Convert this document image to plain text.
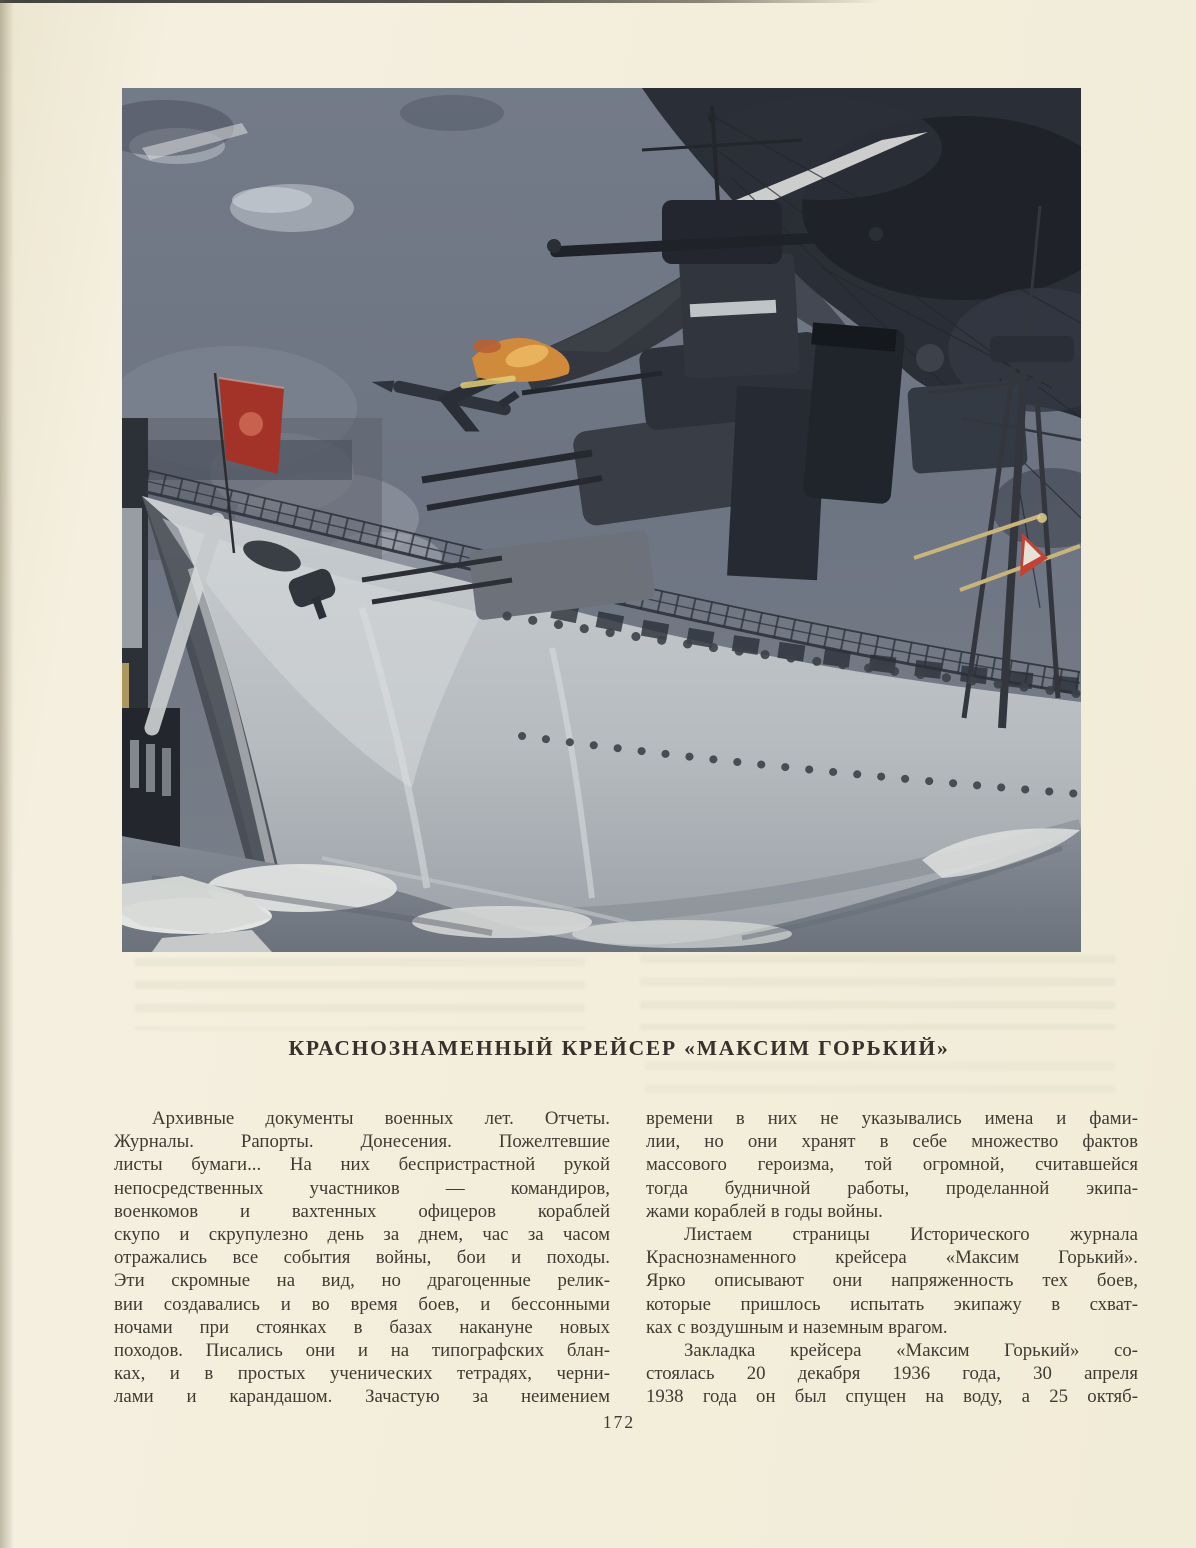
КРАСНОЗНАМЕННЫЙ КРЕЙСЕР «МАКСИМ ГОРЬКИЙ»
Архивные документы военных лет. Отчеты.
Журналы. Рапорты. Донесения. Пожелтевшие
листы бумаги... На них беспристрастной рукой
непосредственных участников — командиров,
военкомов и вахтенных офицеров кораблей
скупо и скрупулезно день за днем, час за часом
отражались все события войны, бои и походы.
Эти скромные на вид, но драгоценные релик-
вии создавались и во время боев, и бессонными
ночами при стоянках в базах накануне новых
походов. Писались они и на типографских блан-
ках, и в простых ученических тетрадях, черни-
лами и карандашом. Зачастую за неимением
времени в них не указывались имена и фами-
лии, но они хранят в себе множество фактов
массового героизма, той огромной, считавшейся
тогда будничной работы, проделанной экипа-
жами кораблей в годы войны.
Листаем страницы Исторического журнала
Краснознаменного крейсера «Максим Горький».
Ярко описывают они напряженность тех боев,
которые пришлось испытать экипажу в схват-
ках с воздушным и наземным врагом.
Закладка крейсера «Максим Горький» со-
стоялась 20 декабря 1936 года, 30 апреля
1938 года он был спущен на воду, а 25 октяб-
172
